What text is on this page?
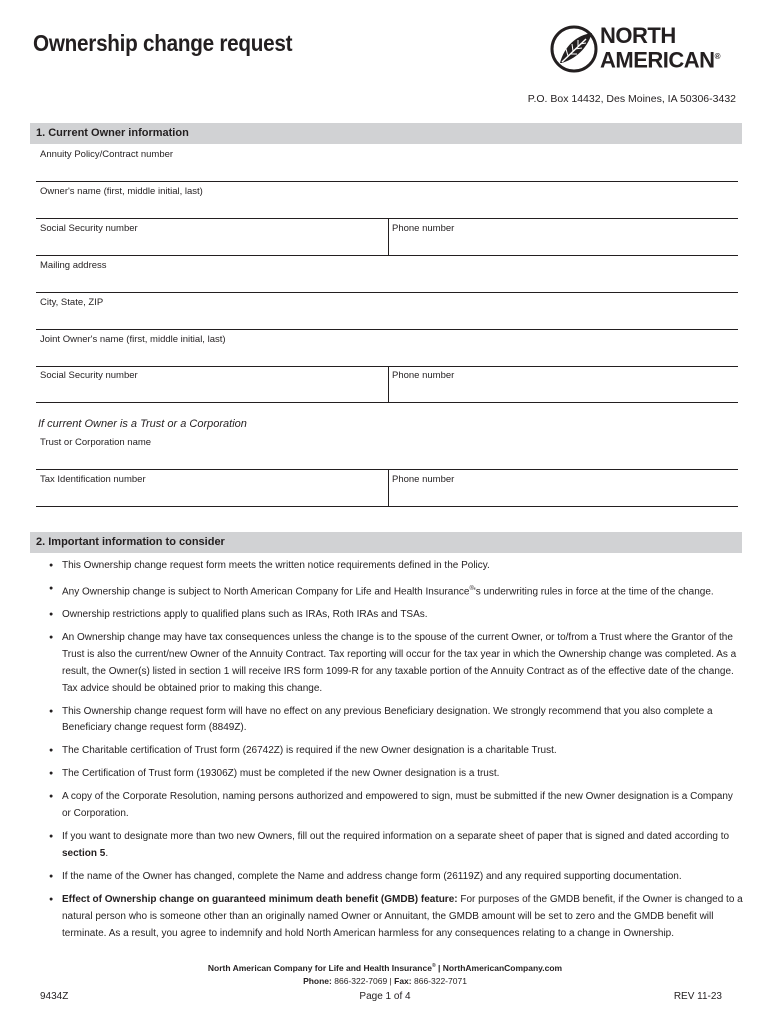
Ownership change request	NORTH
AMERICAN®
P.O. Box 14432, Des Moines, IA 50306-3432
1. Current Owner information
Annuity Policy/Contract number
Owner's name (first, middle initial, last)
Social Security number	Phone number
Mailing address
City, State, ZIP
Joint Owner's name (first, middle initial, last)
Social Security number	Phone number
If current Owner is a Trust or a Corporation
Trust or Corporation name
Tax Identification number	Phone number
2. Important information to consider
● This Ownership change request form meets the written notice requirements defined in the Policy.
● Any Ownership change is subject to North American Company for Life and Health Insurance®'s underwriting rules in force at the time of the change.
● Ownership restrictions apply to qualified plans such as IRAs, Roth IRAs and TSAs.
● An Ownership change may have tax consequences unless the change is to the spouse of the current Owner, or to/from a Trust where the Grantor of the Trust is also the current/new Owner of the Annuity Contract. Tax reporting will occur for the tax year in which the Ownership change was completed. As a result, the Owner(s) listed in section 1 will receive IRS form 1099-R for any taxable portion of the Annuity Contract as of the effective date of the change. Tax advice should be obtained prior to making this change.
● This Ownership change request form will have no effect on any previous Beneficiary designation. We strongly recommend that you also complete a Beneficiary change request form (8849Z).
● The Charitable certification of Trust form (26742Z) is required if the new Owner designation is a charitable Trust.
● The Certification of Trust form (19306Z) must be completed if the new Owner designation is a trust.
● A copy of the Corporate Resolution, naming persons authorized and empowered to sign, must be submitted if the new Owner designation is a Company or Corporation.
● If you want to designate more than two new Owners, fill out the required information on a separate sheet of paper that is signed and dated according to section 5.
● If the name of the Owner has changed, complete the Name and address change form (26119Z) and any required supporting documentation.
● Effect of Ownership change on guaranteed minimum death benefit (GMDB) feature: For purposes of the GMDB benefit, if the Owner is changed to a natural person who is someone other than an originally named Owner or Annuitant, the GMDB amount will be set to zero and the GMDB benefit will terminate. As a result, you agree to indemnify and hold North American harmless for any consequences relating to a change in Ownership.
North American Company for Life and Health Insurance® | NorthAmericanCompany.com
Phone: 866-322-7069 | Fax: 866-322-7071
9434Z	Page 1 of 4	REV 11-23
